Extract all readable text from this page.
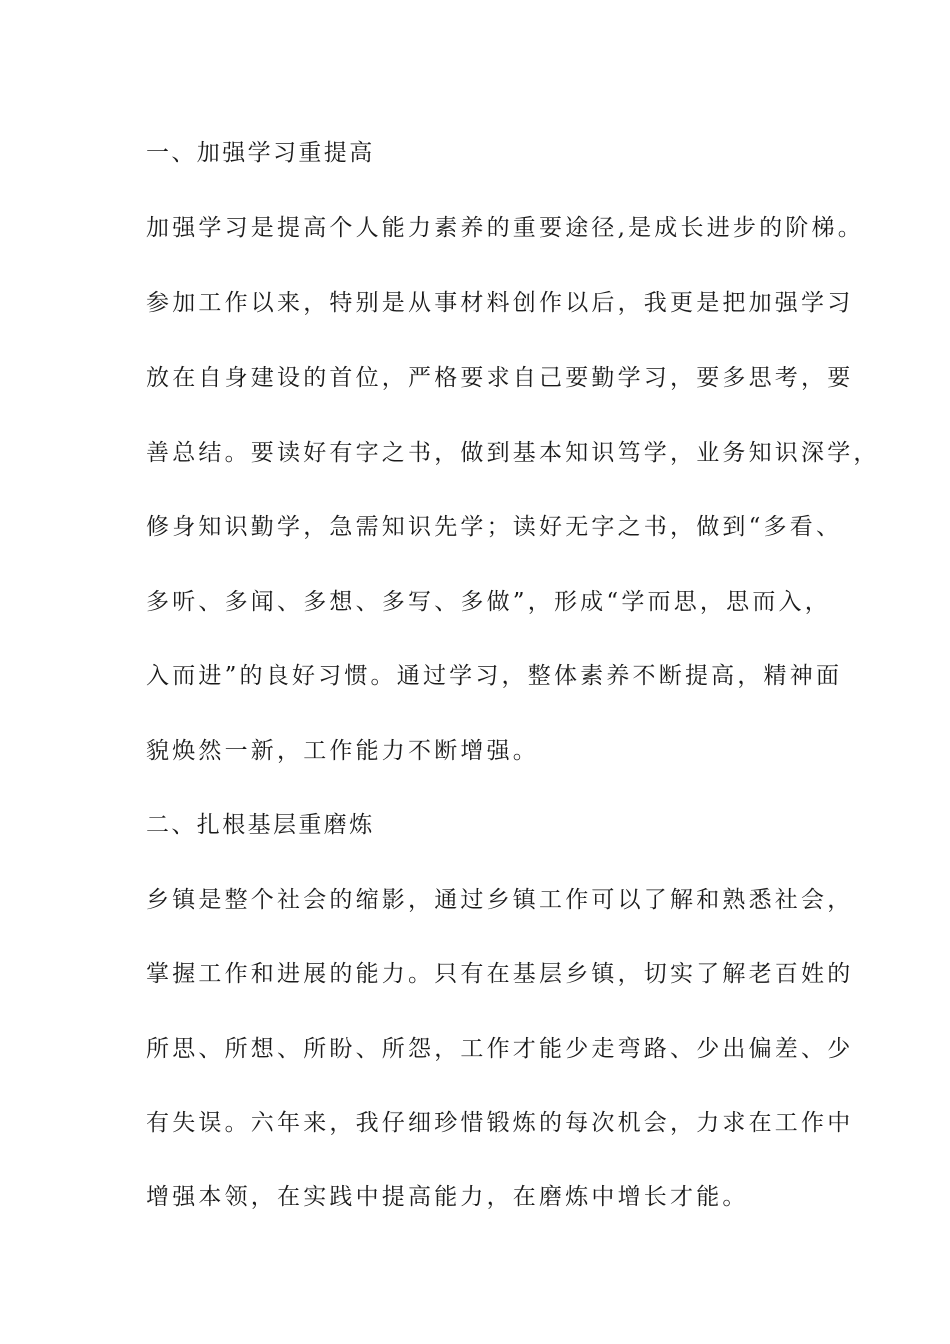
一、加强学习重提高
加强学习是提高个人能力素养的重要途径,是成长进步的阶梯。
参加工作以来，特别是从事材料创作以后，我更是把加强学习
放在自身建设的首位，严格要求自己要勤学习，要多思考，要
善总结。要读好有字之书，做到基本知识笃学，业务知识深学，
修身知识勤学，急需知识先学；读好无字之书，做到“多看、
多听、多闻、多想、多写、多做”，形成“学而思，思而入，
入而进”的良好习惯。通过学习，整体素养不断提高，精神面
貌焕然一新，工作能力不断增强。
二、扎根基层重磨炼
乡镇是整个社会的缩影，通过乡镇工作可以了解和熟悉社会，
掌握工作和进展的能力。只有在基层乡镇，切实了解老百姓的
所思、所想、所盼、所怨，工作才能少走弯路、少出偏差、少
有失误。六年来，我仔细珍惜锻炼的每次机会，力求在工作中
增强本领，在实践中提高能力，在磨炼中增长才能。
